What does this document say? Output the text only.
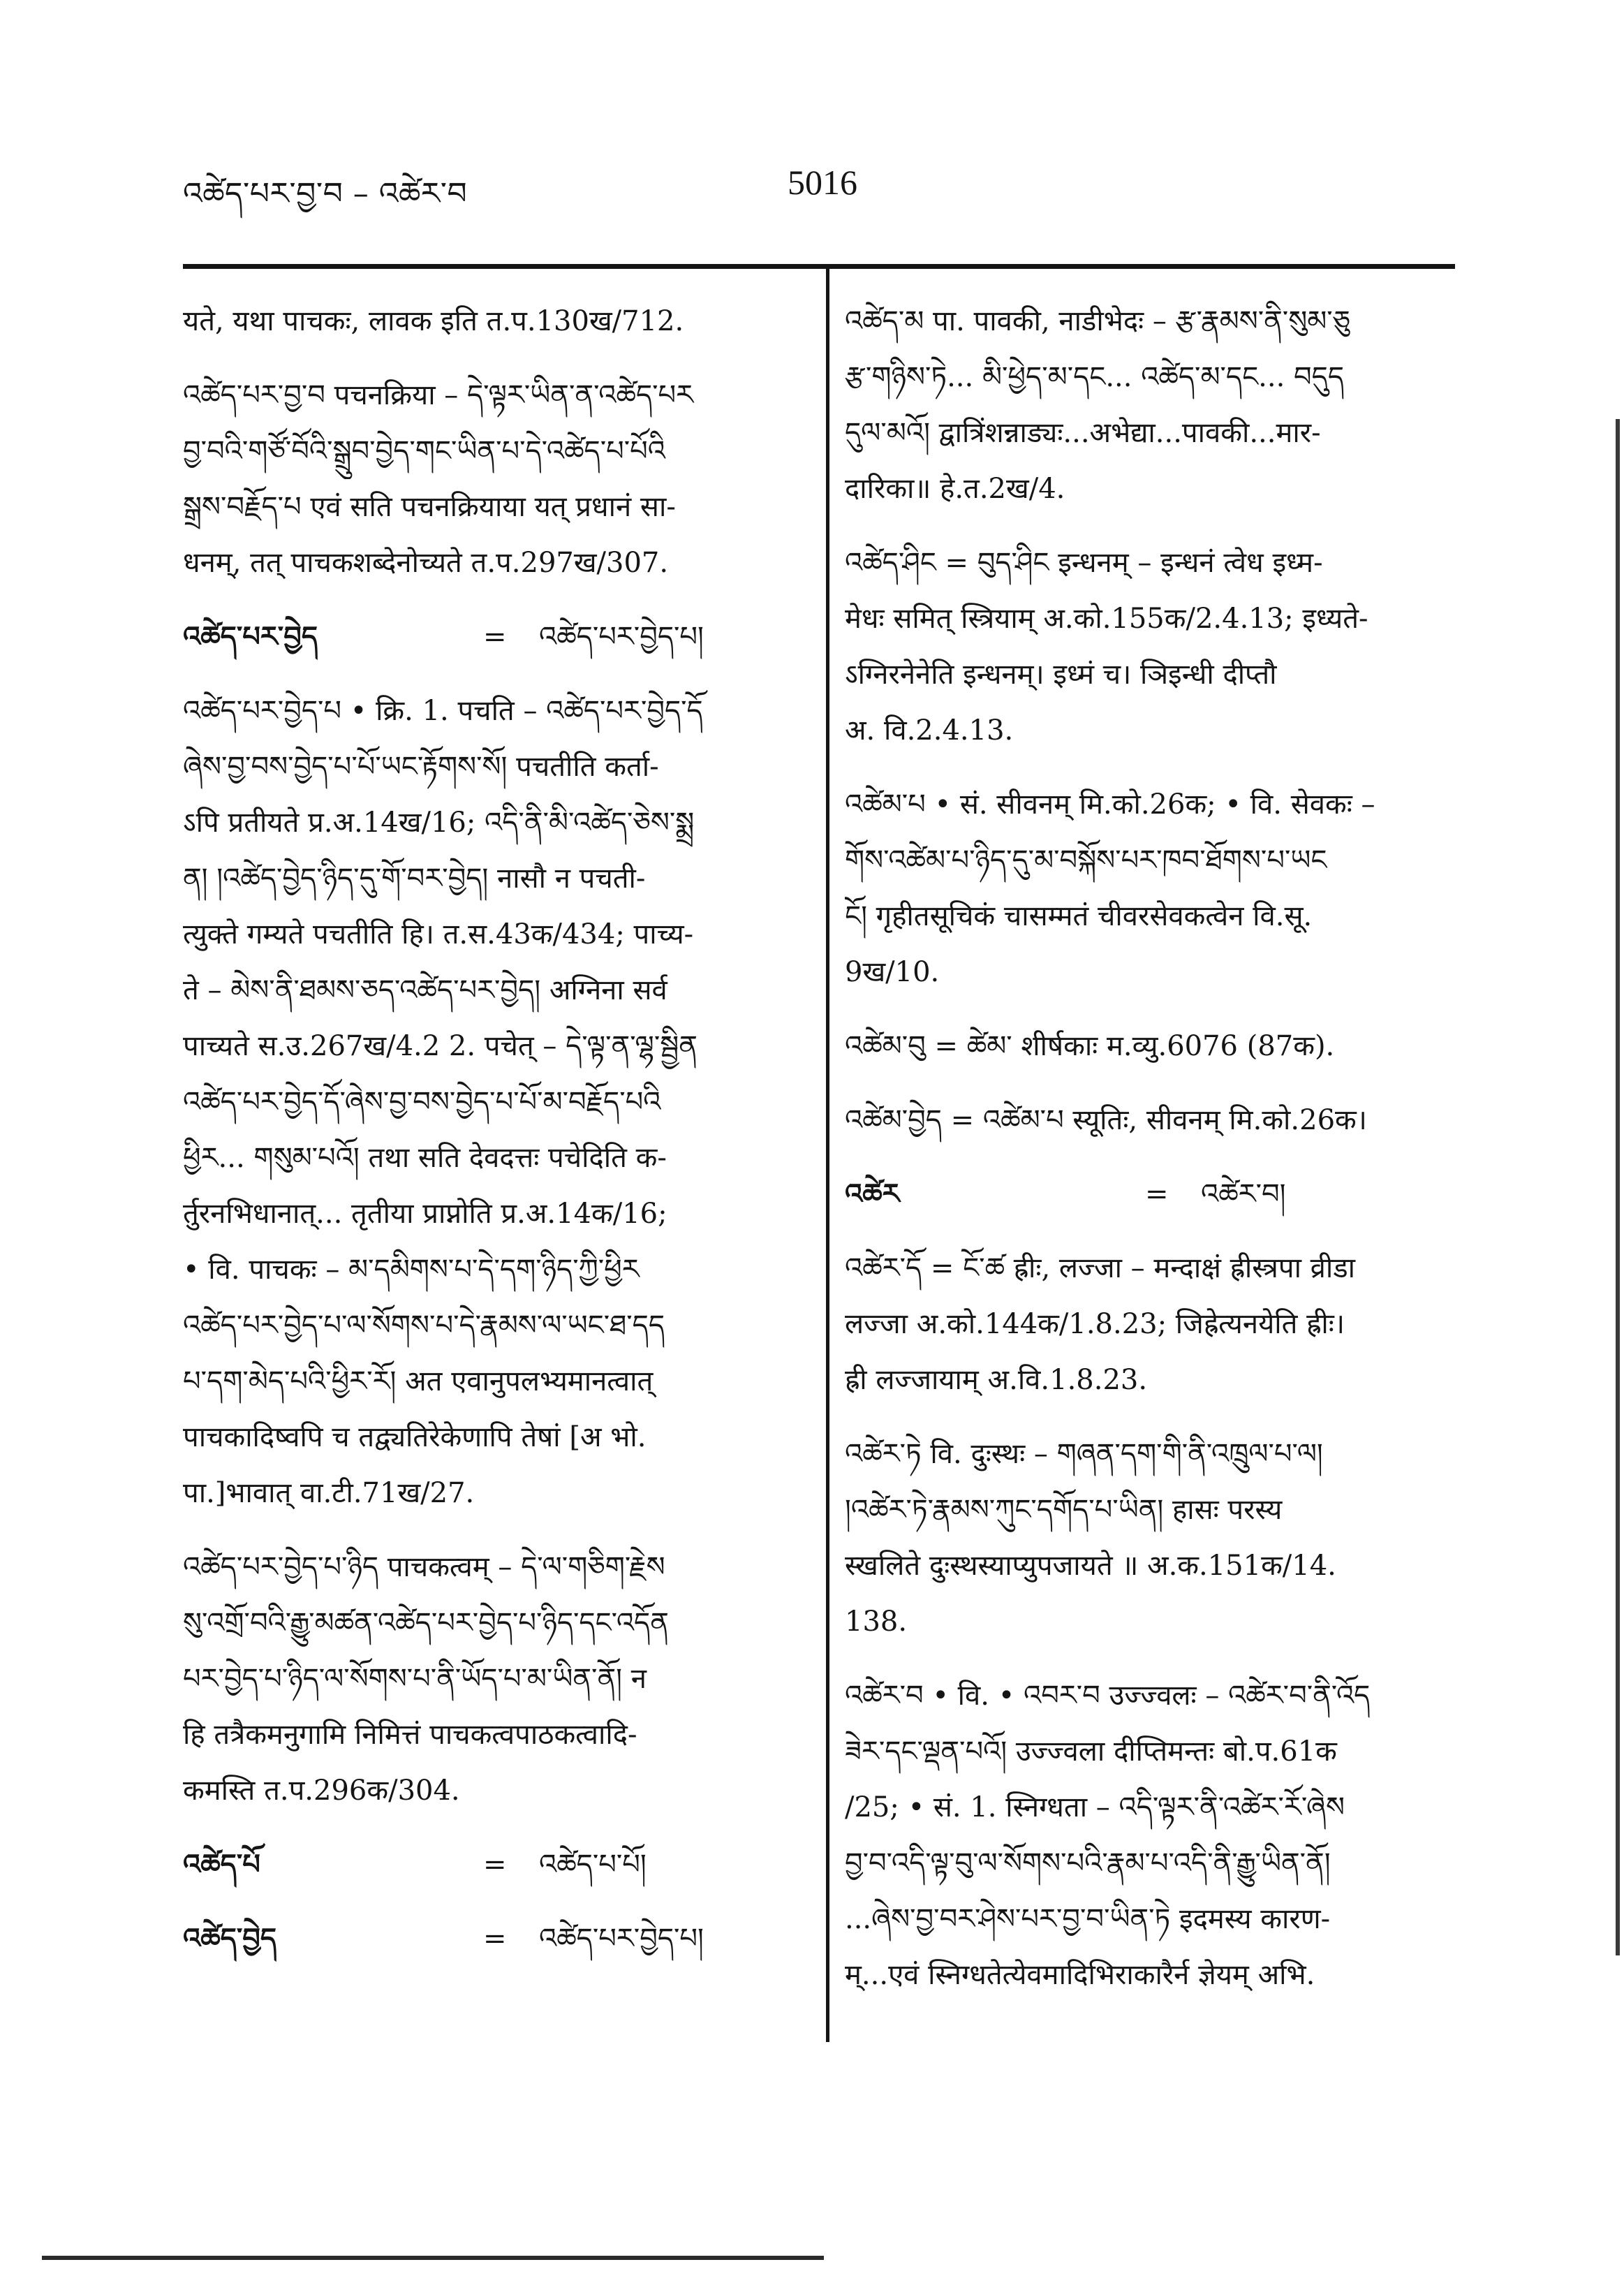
འཚེད་པར་བྱ་བ – འཚེར་བ	5016
यते, यथा पाचकः, लावक इति त.प.130ख/712.
འཚེད་པར་བྱ་བ पचनक्रिया – དེ་ལྟར་ཡིན་ན་འཚེད་པར
བྱ་བའི་གཙོ་བོའི་སྒྲུབ་བྱེད་གང་ཡིན་པ་དེ་འཚེད་པ་པོའི
སྒྲས་བརྗོད་པ एवं सति पचनक्रियाया यत् प्रधानं सा-
धनम्, तत् पाचकशब्देनोच्यते त.प.297ख/307.
འཚེད་པར་བྱེད	=	འཚེད་པར་བྱེད་པ།
འཚེད་པར་བྱེད་པ • क्रि. 1. पचति – འཚེད་པར་བྱེད་དོ
ཞེས་བྱ་བས་བྱེད་པ་པོ་ཡང་རྟོགས་སོ། पचतीति कर्ता-
ऽपि प्रतीयते प्र.अ.14ख/16; འདི་ནི་མི་འཚེད་ཅེས་སྨྲ
ན། །འཚེད་བྱེད་ཉིད་དུ་གོ་བར་བྱེད། नासौ न पचती-
त्युक्ते गम्यते पचतीति हि। त.स.43क/434; पाच्य-
ते – མེས་ནི་ཐམས་ཅད་འཚེད་པར་བྱེད། अग्निना सर्व
पाच्यते स.उ.267ख/4.2 2. पचेत् – དེ་ལྟ་ན་ལྷ་སྦྱིན
འཚེད་པར་བྱེད་དོ་ཞེས་བྱ་བས་བྱེད་པ་པོ་མ་བརྗོད་པའི
ཕྱིར... གསུམ་པའོ། तथा सति देवदत्तः पचेदिति क-
र्तुरनभिधानात्... तृतीया प्राप्नोति प्र.अ.14क/16;
• वि. पाचकः – མ་དམིགས་པ་དེ་དག་ཉིད་ཀྱི་ཕྱིར
འཚེད་པར་བྱེད་པ་ལ་སོགས་པ་དེ་རྣམས་ལ་ཡང་ཐ་དད
པ་དག་མེད་པའི་ཕྱིར་རོ། अत एवानुपलभ्यमानत्वात्
पाचकादिष्वपि च तद्व्यतिरेकेणापि तेषां [अ भो.
पा.]भावात् वा.टी.71ख/27.
འཚེད་པར་བྱེད་པ་ཉིད पाचकत्वम् – དེ་ལ་གཅིག་རྗེས
སུ་འགྲོ་བའི་རྒྱུ་མཚན་འཚེད་པར་བྱེད་པ་ཉིད་དང་འདོན
པར་བྱེད་པ་ཉིད་ལ་སོགས་པ་ནི་ཡོད་པ་མ་ཡིན་ནོ། न
हि तत्रैकमनुगामि निमित्तं पाचकत्वपाठकत्वादि-
कमस्ति त.प.296क/304.
འཚེད་པོ	=	འཚེད་པ་པོ།
འཚེད་བྱེད	=	འཚེད་པར་བྱེད་པ།
འཚེད་མ पा. पावकी, नाडीभेदः – རྩ་རྣམས་ནི་སུམ་ཅུ
རྩ་གཉིས་ཏེ... མི་ཕྱེད་མ་དང... འཚེད་མ་དང... བདུད
དུལ་མའོ། द्वात्रिंशन्नाड्यः...अभेद्या...पावकी...मार-
दारिका॥ हे.त.2ख/4.
འཚེད་ཤིང = བུད་ཤིང इन्धनम् – इन्धनं त्वेध इध्म-
मेधः समित् स्त्रियाम् अ.को.155क/2.4.13; इध्यते-
ऽग्निरनेनेति इन्धनम्। इध्मं च। ञिइन्धी दीप्तौ
अ. वि.2.4.13.
འཚེམ་པ • सं. सीवनम् मि.को.26क; • वि. सेवकः –
གོས་འཚེམ་པ་ཉིད་དུ་མ་བསྐོས་པར་ཁབ་ཐོགས་པ་ཡང
ངོ། गृहीतसूचिकं चासम्मतं चीवरसेवकत्वेन वि.सू.
9ख/10.
འཚེམ་བུ = ཚེམ་ शीर्षकाः म.व्यु.6076 (87क).
འཚེམ་བྱེད = འཚེམ་པ स्यूतिः, सीवनम् मि.को.26क।
འཚེར	=	འཚེར་བ།
འཚེར་དོ = ངོ་ཚ ह्रीः, लज्जा – मन्दाक्षं ह्रीस्त्रपा व्रीडा
लज्जा अ.को.144क/1.8.23; जिह्रेत्यनयेति ह्रीः।
ह्री लज्जायाम् अ.वि.1.8.23.
འཚེར་ཏེ वि. दुःस्थः – གཞན་དག་གི་ནི་འཁྲུལ་པ་ལ།
།འཚེར་ཏེ་རྣམས་ཀུང་དགོད་པ་ཡིན། हासः परस्य
स्खलिते दुःस्थस्याप्युपजायते ॥ अ.क.151क/14.
138.
འཚེར་བ • वि. • འབར་བ उज्ज्वलः – འཚེར་བ་ནི་འོད
ཟེར་དང་ལྡན་པའོ། उज्ज्वला दीप्तिमन्तः बो.प.61क
/25; • सं. 1. स्निग्धता – འདི་ལྟར་ནི་འཚེར་རོ་ཞེས
བྱ་བ་འདི་ལྟ་བུ་ལ་སོགས་པའི་རྣམ་པ་འདི་ནི་རྒྱུ་ཡིན་ནོ།
...ཞེས་བྱ་བར་ཤེས་པར་བྱ་བ་ཡིན་ཏེ इदमस्य कारण-
म्...एवं स्निग्धतेत्येवमादिभिराकारैर्न ज्ञेयम् अभि.
